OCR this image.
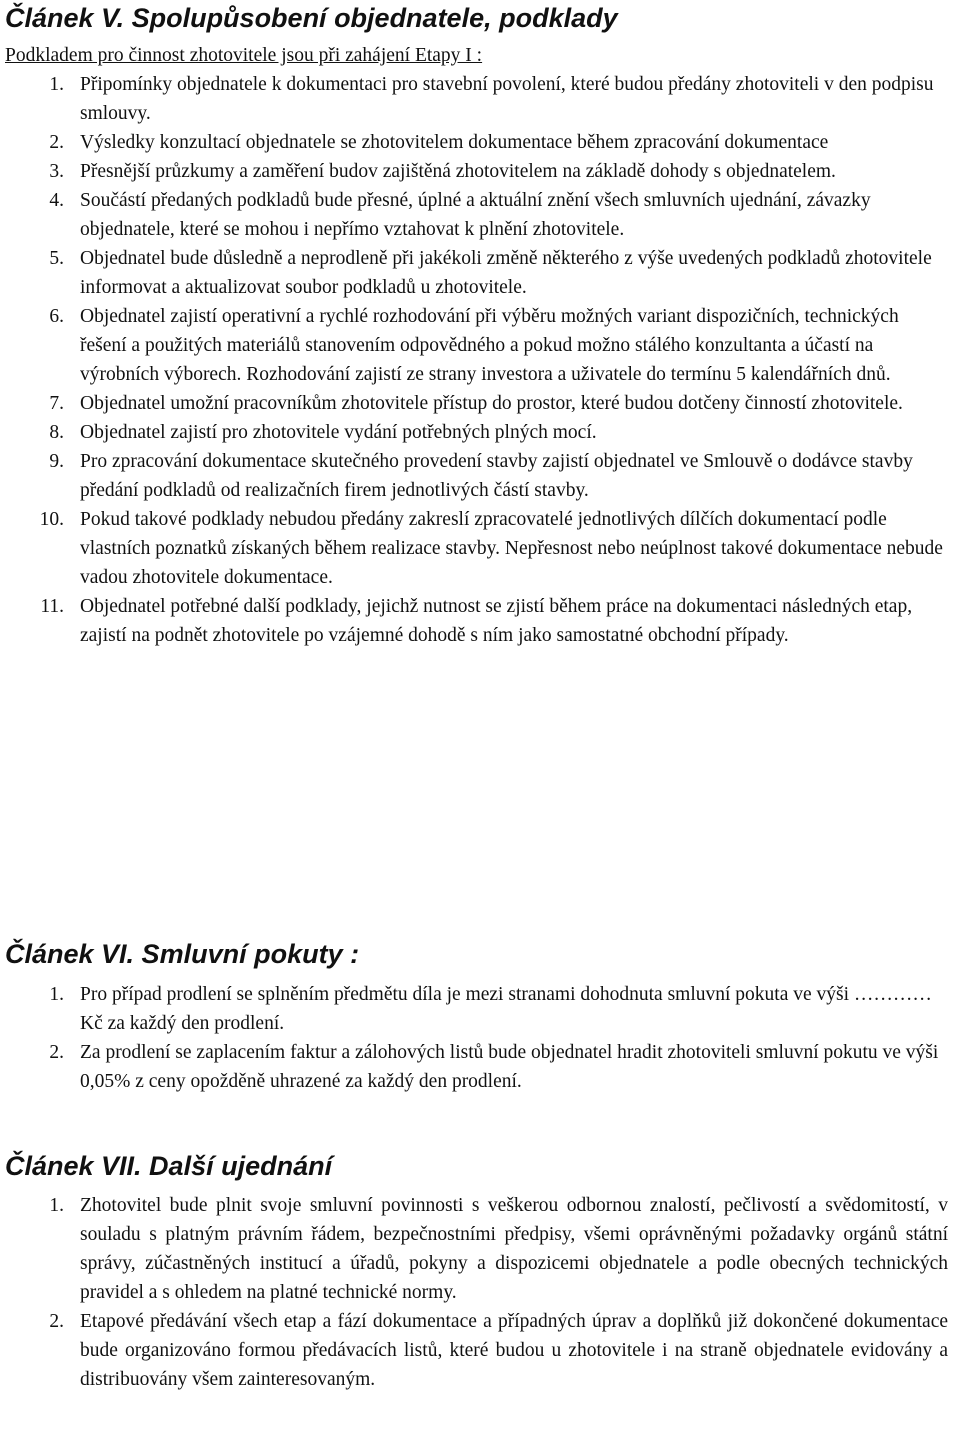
Článek V. Spolupůsobení objednatele, podklady
Podkladem pro činnost zhotovitele jsou při zahájení Etapy I :
1. Připomínky objednatele k dokumentaci pro stavební povolení, které budou předány zhotoviteli v den podpisu smlouvy.
2. Výsledky konzultací objednatele se zhotovitelem dokumentace během zpracování dokumentace
3. Přesnější průzkumy a zaměření budov zajištěná zhotovitelem na základě dohody s objednatelem.
4. Součástí předaných podkladů bude přesné, úplné a aktuální znění všech smluvních ujednání, závazky objednatele, které se mohou i nepřímo vztahovat k plnění zhotovitele.
5. Objednatel bude důsledně a neprodleně při jakékoli změně některého z výše uvedených podkladů zhotovitele informovat a aktualizovat soubor podkladů u zhotovitele.
6. Objednatel zajistí operativní a rychlé rozhodování při výběru možných variant dispozičních, technických řešení a použitých materiálů stanovením odpovědného a pokud možno stálého konzultanta a účastí na výrobních výborech. Rozhodování zajistí ze strany investora a uživatele do termínu 5 kalendářních dnů.
7. Objednatel umožní pracovníkům zhotovitele přístup do prostor, které budou dotčeny činností zhotovitele.
8. Objednatel zajistí pro zhotovitele vydání potřebných plných mocí.
9. Pro zpracování dokumentace skutečného provedení stavby zajistí objednatel ve Smlouvě o dodávce stavby předání podkladů od realizačních firem jednotlivých částí stavby.
10. Pokud takové podklady nebudou předány zakreslí zpracovatelé jednotlivých dílčích dokumentací podle vlastních poznatků získaných během realizace stavby. Nepřesnost nebo neúplnost takové dokumentace nebude vadou zhotovitele dokumentace.
11. Objednatel potřebné další podklady, jejichž nutnost se zjistí během práce na dokumentaci následných etap, zajistí na podnět zhotovitele po vzájemné dohodě s ním jako samostatné obchodní případy.
Článek VI. Smluvní pokuty :
1. Pro případ prodlení se splněním předmětu díla je mezi stranami dohodnuta smluvní pokuta ve výši ………… Kč za každý den prodlení.
2. Za prodlení se zaplacením faktur a zálohových listů bude objednatel hradit zhotoviteli smluvní pokutu ve výši 0,05% z ceny opožděně uhrazené za každý den prodlení.
Článek VII. Další ujednání
1. Zhotovitel bude plnit svoje smluvní povinnosti s veškerou odbornou znalostí, pečlivostí a svědomitostí, v souladu s platným právním řádem, bezpečnostními předpisy, všemi oprávněnými požadavky orgánů státní správy, zúčastněných institucí a úřadů, pokyny a dispozicemi objednatele a podle obecných technických pravidel a s ohledem na platné technické normy.
2. Etapové předávání všech etap a fází dokumentace a případných úprav a doplňků již dokončené dokumentace bude organizováno formou předávacích listů, které budou u zhotovitele i na straně objednatele evidovány a distribuovány všem zainteresovaným.
